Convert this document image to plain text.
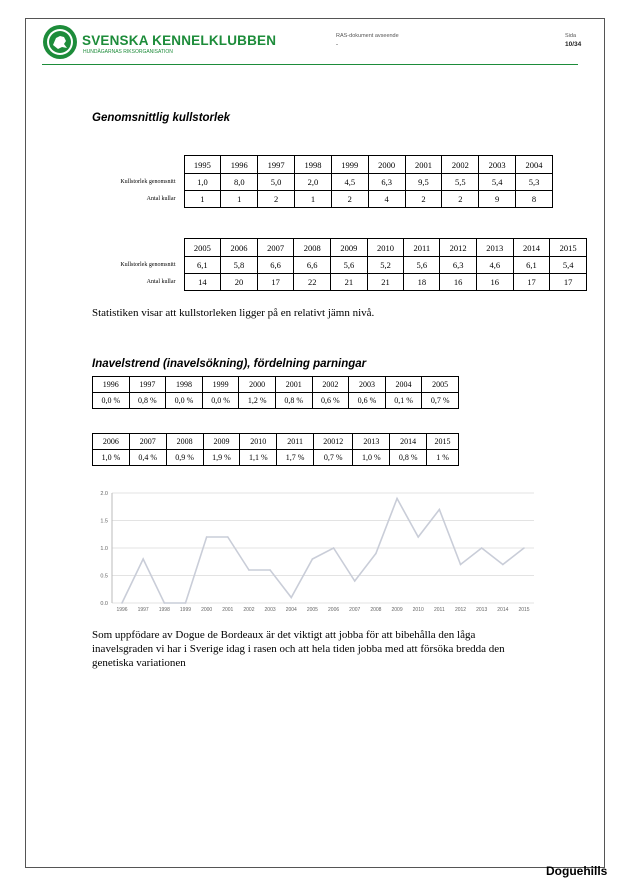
SVENSKA KENNELKLUBBEN
HUNDÄGARNAS RIKSORGANISATION
RAS-dokument avseende
-
Sida
10/34
Genomsnittlig kullstorlek
	1995	1996	1997	1998	1999	2000	2001	2002	2003	2004
Kullstorlek genomsnitt	1,0	8,0	5,0	2,0	4,5	6,3	9,5	5,5	5,4	5,3
Antal kullar	1	1	2	1	2	4	2	2	9	8
	2005	2006	2007	2008	2009	2010	2011	2012	2013	2014	2015
Kullstorlek genomsnitt	6,1	5,8	6,6	6,6	5,6	5,2	5,6	6,3	4,6	6,1	5,4
Antal kullar	14	20	17	22	21	21	18	16	16	17	17
Statistiken visar att kullstorleken ligger på en relativt jämn nivå.
Inavelstrend (inavelsökning), fördelning parningar
1996	1997	1998	1999	2000	2001	2002	2003	2004	2005
0,0 %	0,8 %	0,0 %	0,0 %	1,2 %	0,8 %	0,6 %	0,6 %	0,1 %	0,7 %
2006	2007	2008	2009	2010	2011	20012	2013	2014	2015
1,0 %	0,4 %	0,9 %	1,9 %	1,1 %	1,7 %	0,7 %	1,0 %	0,8 %	1 %
0.0
0.5
1.0
1.5
2.0
1996 1997 1998 1999 2000 2001 2002 2003 2004 2005 2006 2007 2008 2009 2010 2011 2012 2013 2014 2015
Som uppfödare av Dogue de Bordeaux är det viktigt att jobba för att bibehålla den låga
inavelsgraden vi har i Sverige idag i rasen och att hela tiden jobba med att försöka bredda den
genetiska variationen
Doguehills
